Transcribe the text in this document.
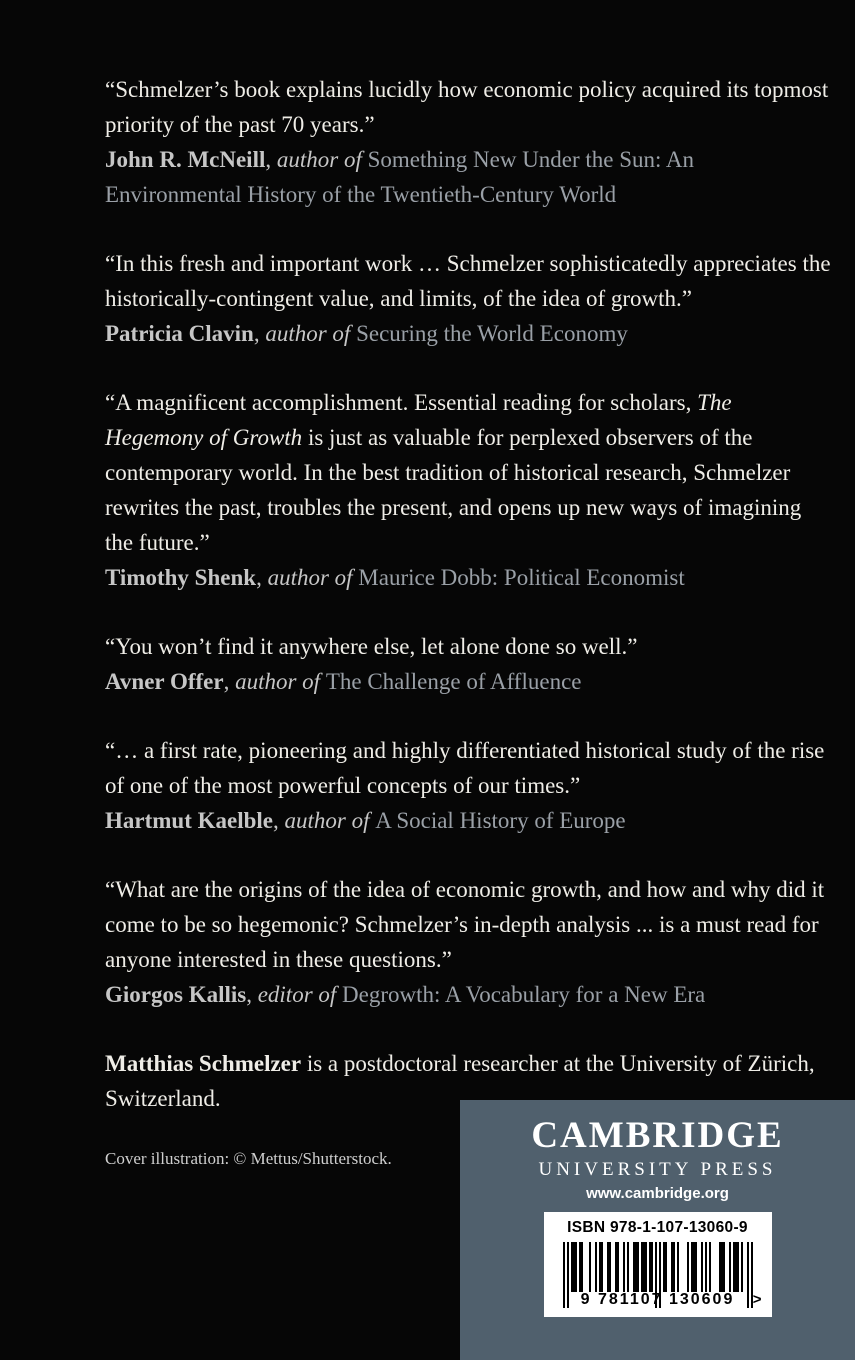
“Schmelzer’s book explains lucidly how economic policy acquired its topmost priority of the past 70 years.”

John R. McNeill, author of Something New Under the Sun: An Environmental History of the Twentieth-Century World

“In this fresh and important work … Schmelzer sophisticatedly appreciates the historically-contingent value, and limits, of the idea of growth.”

Patricia Clavin, author of Securing the World Economy

“A magnificent accomplishment. Essential reading for scholars, The Hegemony of Growth is just as valuable for perplexed observers of the contemporary world. In the best tradition of historical research, Schmelzer rewrites the past, troubles the present, and opens up new ways of imagining the future.”

Timothy Shenk, author of Maurice Dobb: Political Economist

“You won’t find it anywhere else, let alone done so well.”

Avner Offer, author of The Challenge of Affluence

“… a first rate, pioneering and highly differentiated historical study of the rise of one of the most powerful concepts of our times.”

Hartmut Kaelble, author of A Social History of Europe

“What are the origins of the idea of economic growth, and how and why did it come to be so hegemonic? Schmelzer’s in-depth analysis ... is a must read for anyone interested in these questions.”

Giorgos Kallis, editor of Degrowth: A Vocabulary for a New Era

Matthias Schmelzer is a postdoctoral researcher at the University of Zürich, Switzerland.

Cover illustration: © Mettus/Shutterstock.

CAMBRIDGE
UNIVERSITY PRESS
www.cambridge.org
ISBN 978-1-107-13060-9
9 781107 130609	>
